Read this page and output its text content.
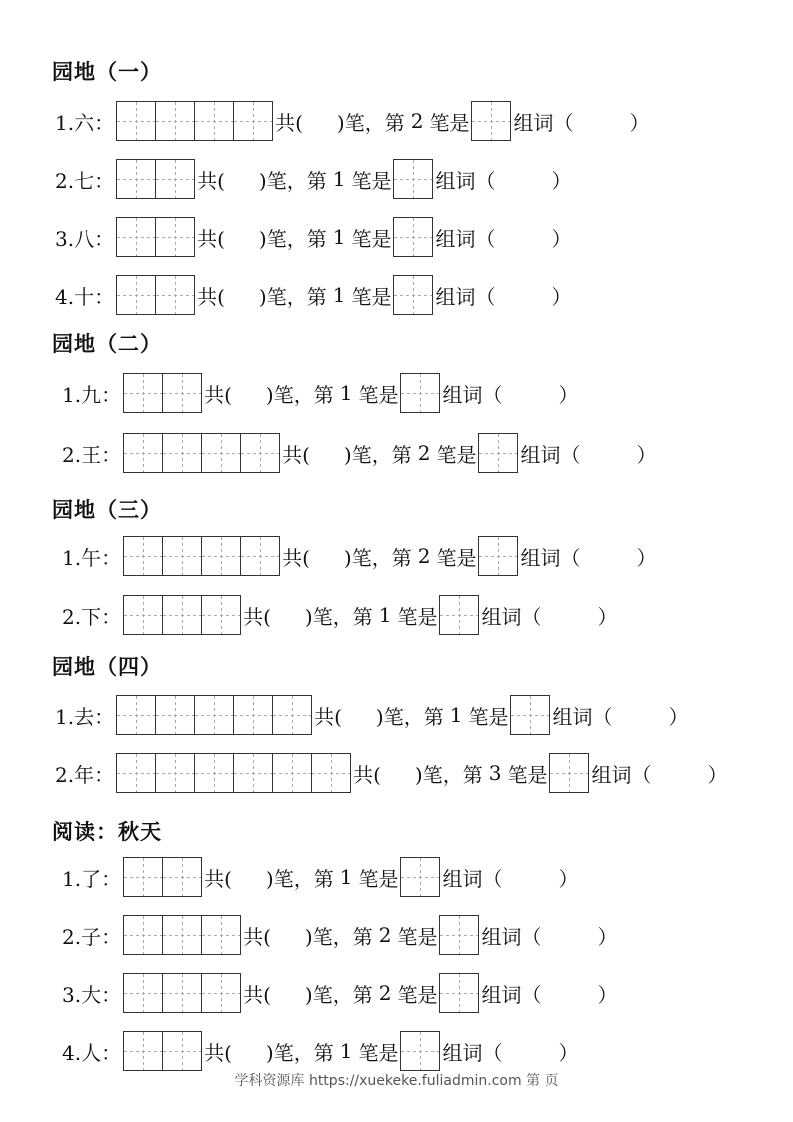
园地（一）
园地（二）
园地（三）
园地（四）
阅读：秋天
1.六：	共( )笔，第 2 笔是 组词（	）
2.七：	共( )笔，第 1 笔是 组词（	）
3.八：	共( )笔，第 1 笔是 组词（	）
4.十：	共( )笔，第 1 笔是 组词（	）
1.九：	共( )笔，第 1 笔是 组词（	）
2.王：	共( )笔，第 2 笔是 组词（	）
1.午：	共( )笔，第 2 笔是 组词（	）
2.下：	共( )笔，第 1 笔是 组词（	）
1.去：	共( )笔，第 1 笔是 组词（	）
2.年：	共( )笔，第 3 笔是 组词（	）
1.了：	共( )笔，第 1 笔是 组词（	）
2.子：	共( )笔，第 2 笔是 组词（	）
3.大：	共( )笔，第 2 笔是 组词（	）
4.人：	共( )笔，第 1 笔是 组词（	）
学科资源库 https://xuekeke.fuliadmin.com 第 页
